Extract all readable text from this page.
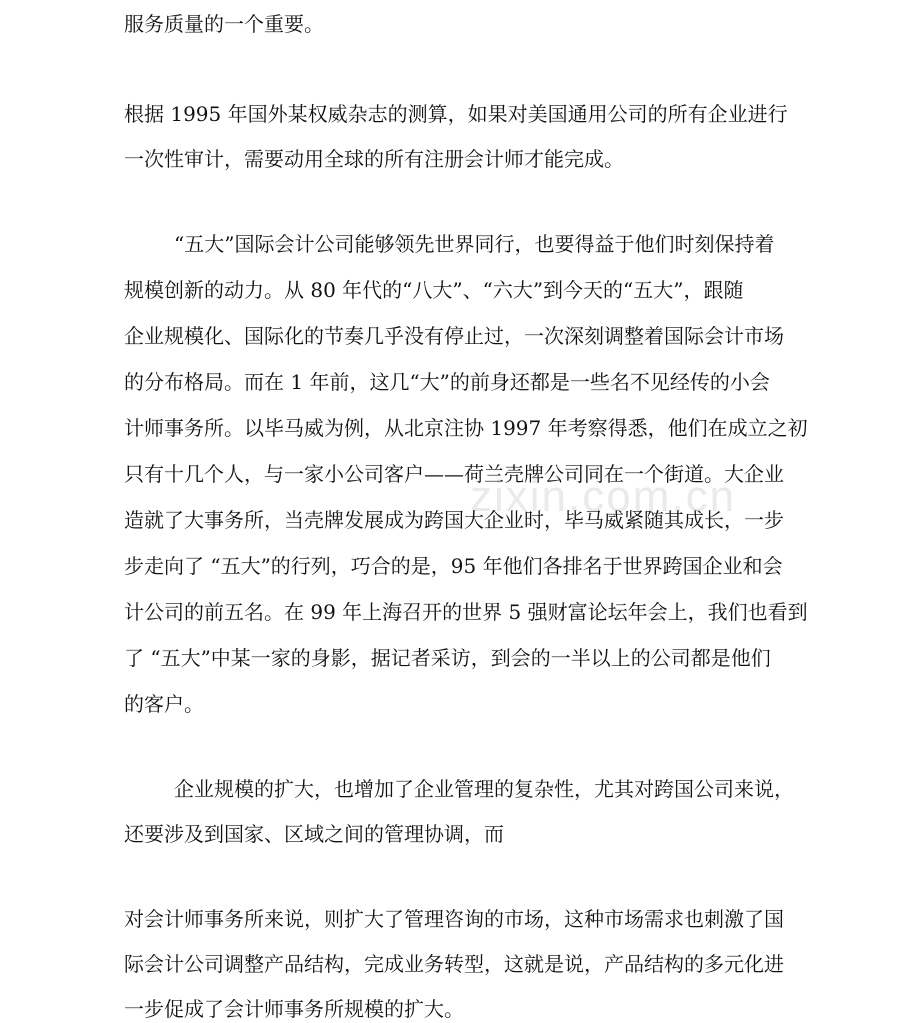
zixin.com.cn
服务质量的一个重要。
根据 1995 年国外某权威杂志的测算，如果对美国通用公司的所有企业进行
一次性审计，需要动用全球的所有注册会计师才能完成。
“五大”国际会计公司能够领先世界同行，也要得益于他们时刻保持着
规模创新的动力。从 80 年代的“八大”、“六大”到今天的“五大”，跟随
企业规模化、国际化的节奏几乎没有停止过，一次深刻调整着国际会计市场
的分布格局。而在 1 年前，这几“大”的前身还都是一些名不见经传的小会
计师事务所。以毕马威为例，从北京注协 1997 年考察得悉，他们在成立之初
只有十几个人，与一家小公司客户——荷兰壳牌公司同在一个街道。大企业
造就了大事务所，当壳牌发展成为跨国大企业时，毕马威紧随其成长，一步
步走向了 “五大”的行列，巧合的是，95 年他们各排名于世界跨国企业和会
计公司的前五名。在 99 年上海召开的世界 5 强财富论坛年会上，我们也看到
了 “五大”中某一家的身影，据记者采访，到会的一半以上的公司都是他们
的客户。
企业规模的扩大，也增加了企业管理的复杂性，尤其对跨国公司来说，
还要涉及到国家、区域之间的管理协调，而
对会计师事务所来说，则扩大了管理咨询的市场，这种市场需求也刺激了国
际会计公司调整产品结构，完成业务转型，这就是说，产品结构的多元化进
一步促成了会计师事务所规模的扩大。
